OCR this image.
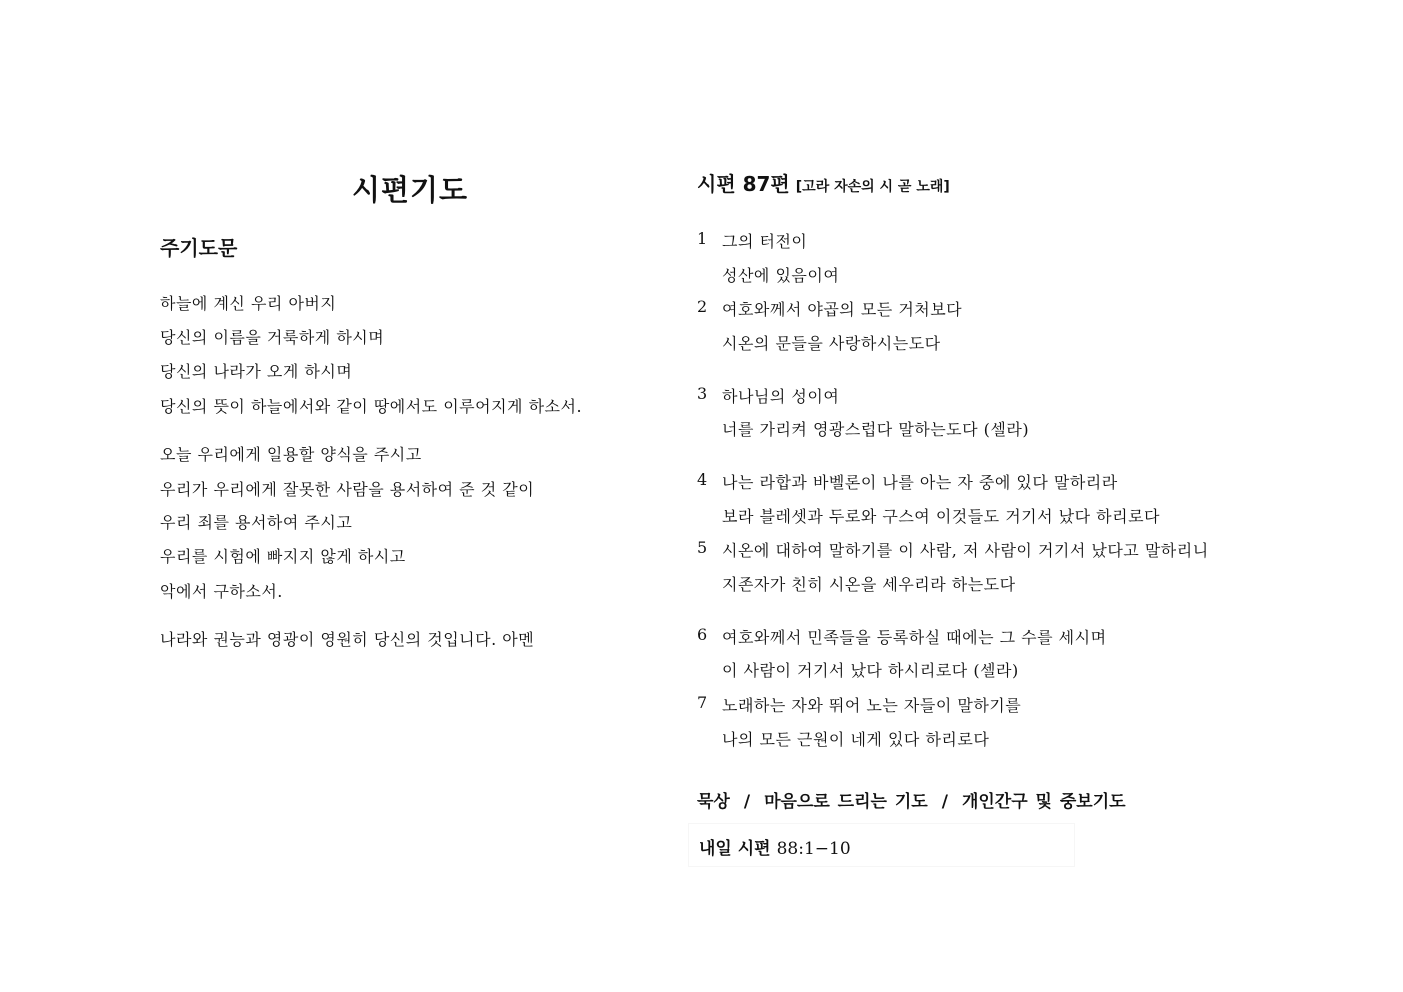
시편기도
주기도문
하늘에 계신 우리 아버지
당신의 이름을 거룩하게 하시며
당신의 나라가 오게 하시며
당신의 뜻이 하늘에서와 같이 땅에서도 이루어지게 하소서.
오늘 우리에게 일용할 양식을 주시고
우리가 우리에게 잘못한 사람을 용서하여 준 것 같이
우리 죄를 용서하여 주시고
우리를 시험에 빠지지 않게 하시고
악에서 구하소서.
나라와 권능과 영광이 영원히 당신의 것입니다. 아멘
시편 87편 [고라 자손의 시 곧 노래]
1 그의 터전이
성산에 있음이여
2 여호와께서 야곱의 모든 거처보다
시온의 문들을 사랑하시는도다
3 하나님의 성이여
너를 가리켜 영광스럽다 말하는도다 (셀라)
4 나는 라합과 바벨론이 나를 아는 자 중에 있다 말하리라
보라 블레셋과 두로와 구스여 이것들도 거기서 났다 하리로다
5 시온에 대하여 말하기를 이 사람, 저 사람이 거기서 났다고 말하리니
지존자가 친히 시온을 세우리라 하는도다
6 여호와께서 민족들을 등록하실 때에는 그 수를 세시며
이 사람이 거기서 났다 하시리로다 (셀라)
7 노래하는 자와 뛰어 노는 자들이 말하기를
나의 모든 근원이 네게 있다 하리로다
묵상 / 마음으로 드리는 기도 / 개인간구 및 중보기도
내일 시편 88:1−10
